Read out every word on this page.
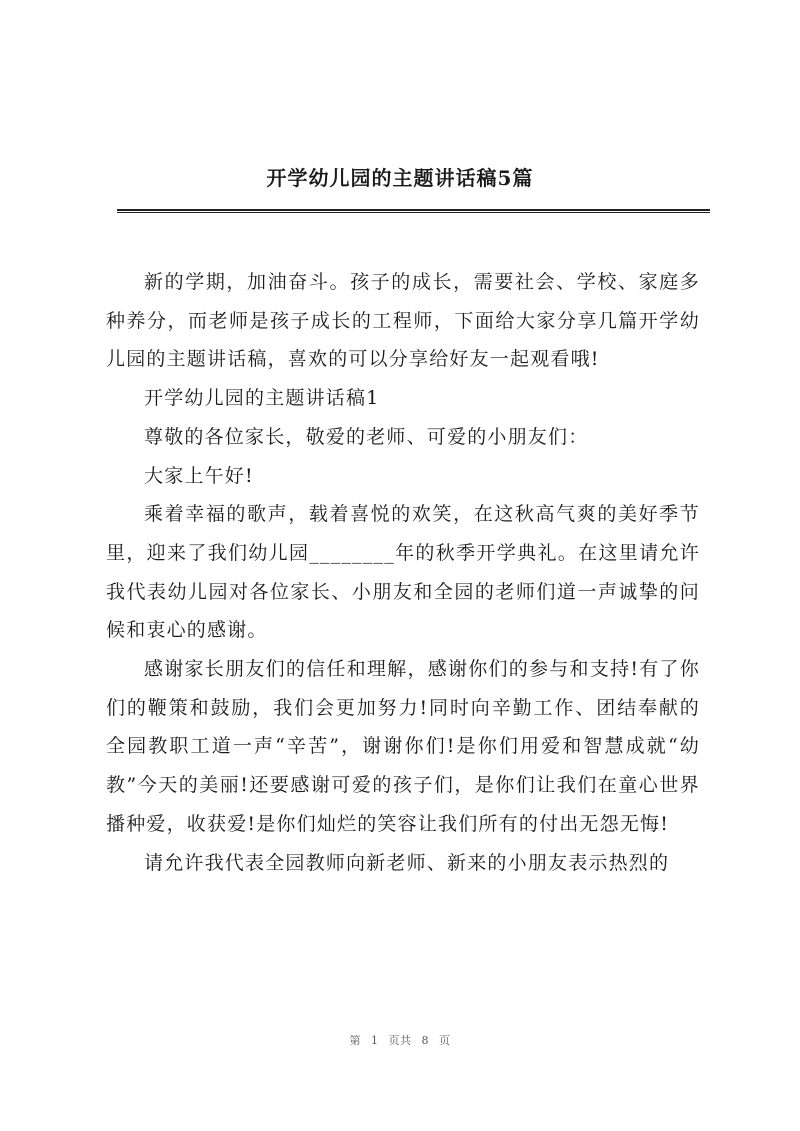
开学幼儿园的主题讲话稿5篇

新的学期，加油奋斗。孩子的成长，需要社会、学校、家庭多种养分，而老师是孩子成长的工程师，下面给大家分享几篇开学幼儿园的主题讲话稿，喜欢的可以分享给好友一起观看哦!

开学幼儿园的主题讲话稿1

尊敬的各位家长，敬爱的老师、可爱的小朋友们：

大家上午好!

乘着幸福的歌声，载着喜悦的欢笑，在这秋高气爽的美好季节里，迎来了我们幼儿园________年的秋季开学典礼。在这里请允许我代表幼儿园对各位家长、小朋友和全园的老师们道一声诚挚的问候和衷心的感谢。

感谢家长朋友们的信任和理解，感谢你们的参与和支持!有了你们的鞭策和鼓励，我们会更加努力!同时向辛勤工作、团结奉献的全园教职工道一声“辛苦”，谢谢你们!是你们用爱和智慧成就“幼教”今天的美丽!还要感谢可爱的孩子们，是你们让我们在童心世界播种爱，收获爱!是你们灿烂的笑容让我们所有的付出无怨无悔!

请允许我代表全园教师向新老师、新来的小朋友表示热烈的

第 1 页共 8 页
